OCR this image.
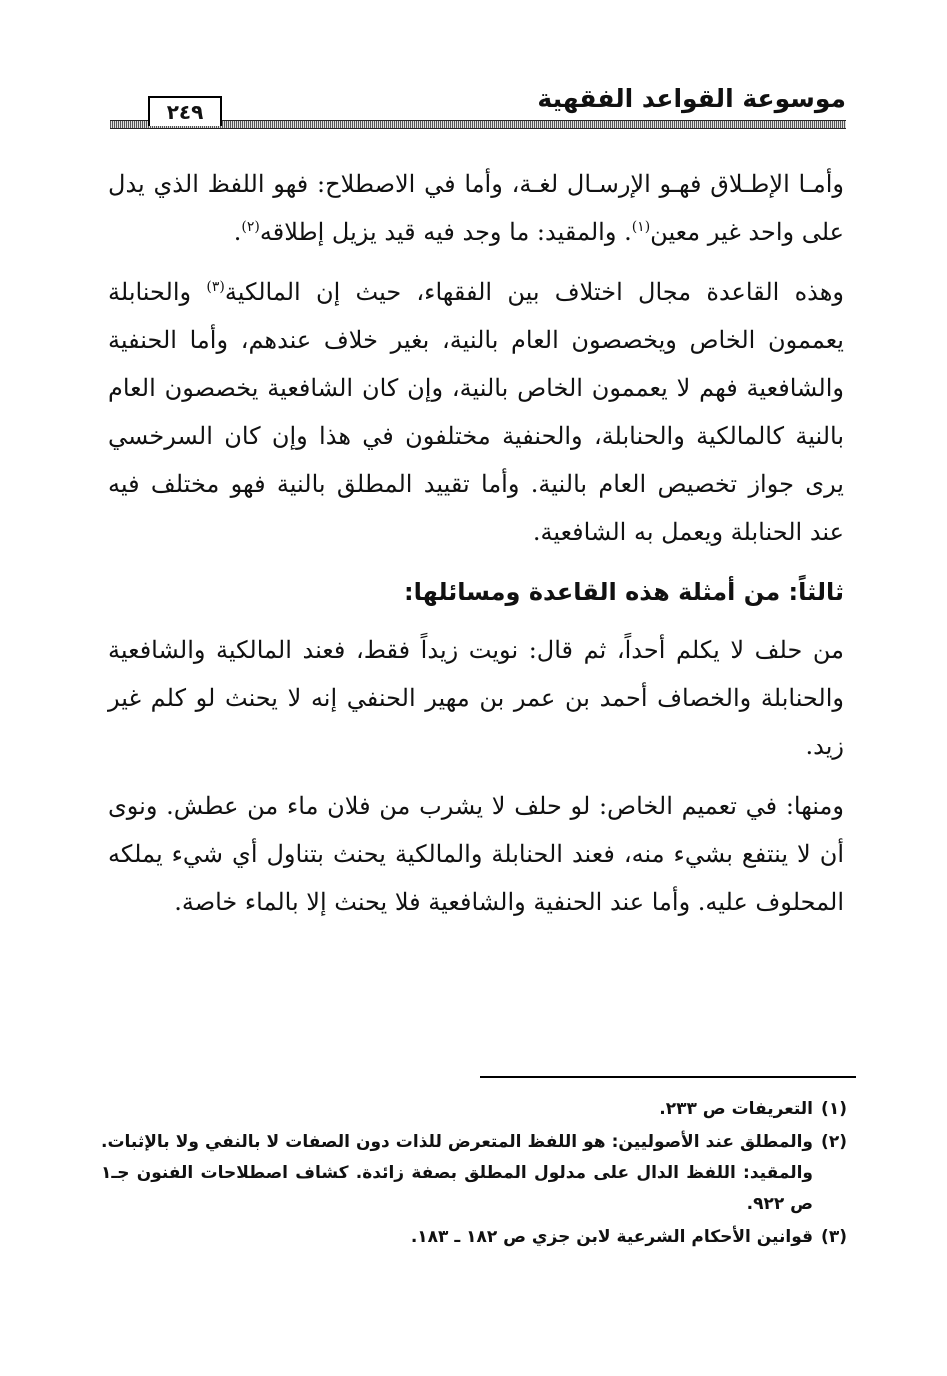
موسوعة القواعد الفقهية
٢٤٩

وأمـا الإطـلاق فهـو الإرسـال لغـة، وأما في الاصطلاح: فهو اللفظ الذي يدل على واحد غير معين$^{(١)}$. والمقيد: ما وجد فيه قيد يزيل إطلاقه$^{(٢)}$.

وهذه القاعدة مجال اختلاف بين الفقهاء، حيث إن المالكية$^{(٣)}$ والحنابلة يعممون الخاص ويخصصون العام بالنية، بغير خلاف عندهم، وأما الحنفية والشافعية فهم لا يعممون الخاص بالنية، وإن كان الشافعية يخصصون العام بالنية كالمالكية والحنابلة، والحنفية مختلفون في هذا وإن كان السرخسي يرى جواز تخصيص العام بالنية. وأما تقييد المطلق بالنية فهو مختلف فيه عند الحنابلة ويعمل به الشافعية.

ثالثاً: من أمثلة هذه القاعدة ومسائلها:

من حلف لا يكلم أحداً، ثم قال: نويت زيداً فقط، فعند المالكية والشافعية والحنابلة والخصاف أحمد بن عمر بن مهير الحنفي إنه لا يحنث لو كلم غير زيد.

ومنها: في تعميم الخاص: لو حلف لا يشرب من فلان ماء من عطش. ونوى أن لا ينتفع بشيء منه، فعند الحنابلة والمالكية يحنث بتناول أي شيء يملكه المحلوف عليه. وأما عند الحنفية والشافعية فلا يحنث إلا بالماء خاصة.

(١)
التعريفات ص ٢٣٣.
(٢)
والمطلق عند الأصوليين: هو اللفظ المتعرض للذات دون الصفات لا بالنفي ولا بالإثبات. والمقيد: اللفظ الدال على مدلول المطلق بصفة زائدة. كشاف اصطلاحات الفنون جـ١ ص ٩٢٢.
(٣)
قوانين الأحكام الشرعية لابن جزي ص ١٨٢ ـ ١٨٣.
